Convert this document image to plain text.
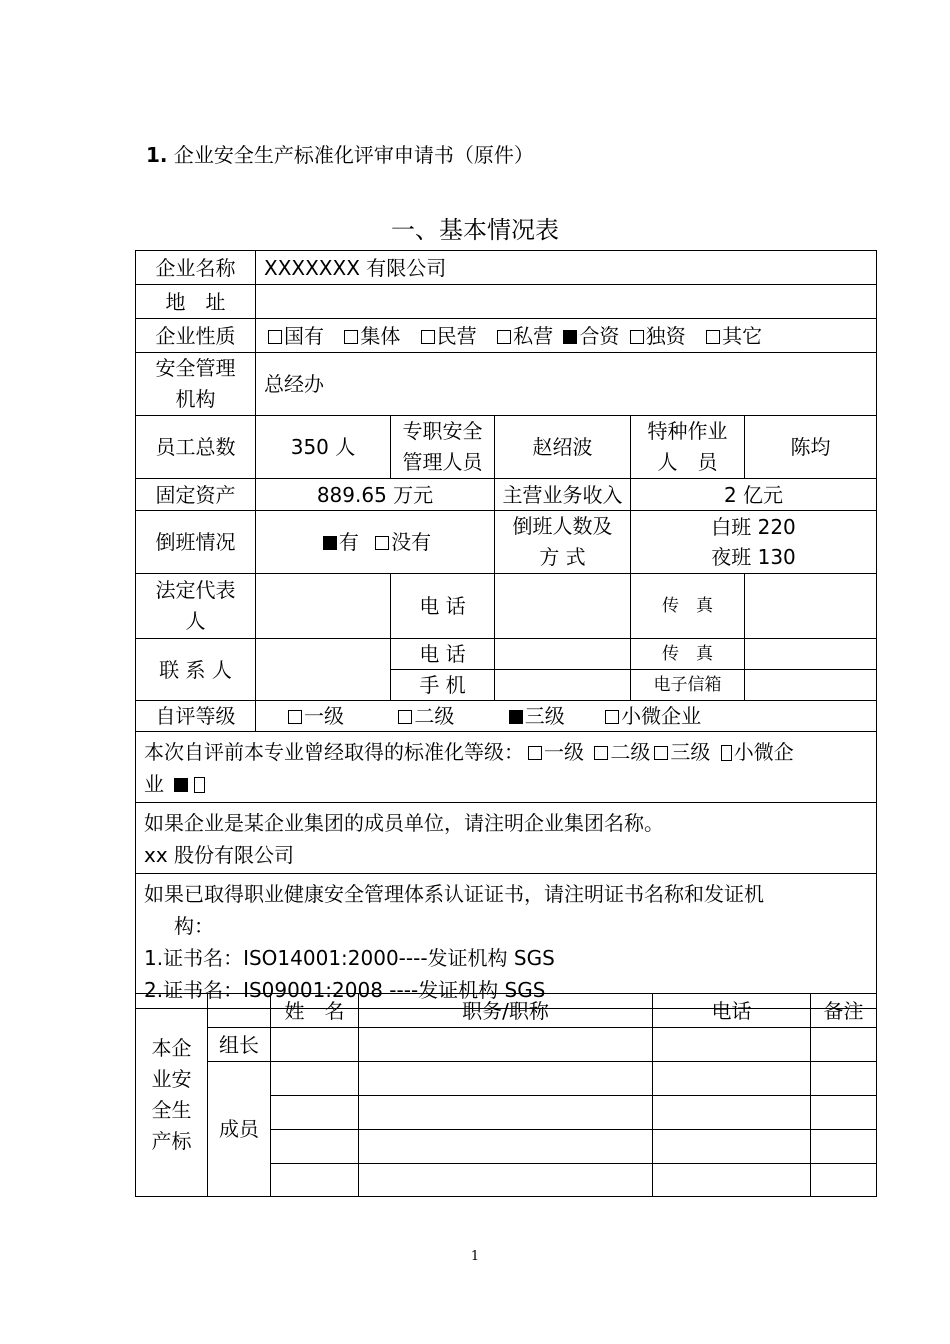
1. 企业安全生产标准化评审申请书（原件）
一、基本情况表
企业名称	XXXXXXX 有限公司				
地　址					
企业性质	国有 集体 民营 私营 合资 独资 其它				
安全管理机构	总经办				
员工总数	350 人	专职安全管理人员	赵绍波	特种作业　人　员	陈均
固定资产	889.65 万元		主营业务收入	2 亿元	
倒班情况	有 没有		倒班人数及 方 式	白班 220
夜班 130	

法定代表人		电 话		传　真	
联 系 人		电 话		传　真	
		手 机		电子信箱	
自评等级	一级 二级 三级 小微企业				
本次自评前本专业曾经取得的标准化等级： 一级 二级 三级 小微企
业					

如果企业是某企业集团的成员单位，请注明企业集团名称。
xx 股份有限公司					

如果已取得职业健康安全管理体系认证证书，请注明证书名称和发证机
构：
1.证书名：ISO14001:2000----发证机构 SGS
2.证书名：IS09001:2008 ----发证机构 SGS					
本企业安全生产标		姓　名	职务/职称	电话	备注
	组长				
	成员				

1
